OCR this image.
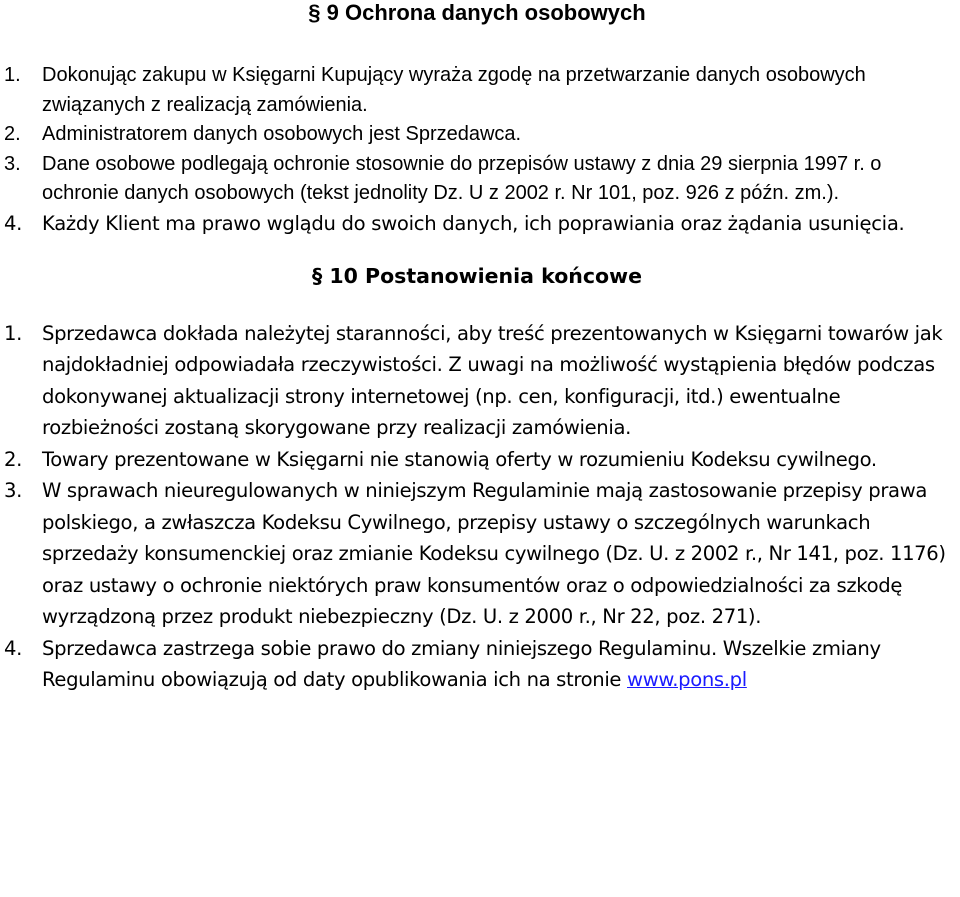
§ 9 Ochrona danych osobowych
1. Dokonując zakupu w Księgarni Kupujący wyraża zgodę na przetwarzanie danych osobowych związanych z realizacją zamówienia.
2. Administratorem danych osobowych jest Sprzedawca.
3. Dane osobowe podlegają ochronie stosownie do przepisów ustawy z dnia 29 sierpnia 1997 r. o ochronie danych osobowych (tekst jednolity Dz. U z 2002 r. Nr 101, poz. 926 z późn. zm.).
4. Każdy Klient ma prawo wglądu do swoich danych, ich poprawiania oraz żądania usunięcia.
§ 10 Postanowienia końcowe
1. Sprzedawca dokłada należytej staranności, aby treść prezentowanych w Księgarni towarów jak najdokładniej odpowiadała rzeczywistości. Z uwagi na możliwość wystąpienia błędów podczas dokonywanej aktualizacji strony internetowej (np. cen, konfiguracji, itd.) ewentualne rozbieżności zostaną skorygowane przy realizacji zamówienia.
2. Towary prezentowane w Księgarni nie stanowią oferty w rozumieniu Kodeksu cywilnego.
3. W sprawach nieuregulowanych w niniejszym Regulaminie mają zastosowanie przepisy prawa polskiego, a zwłaszcza Kodeksu Cywilnego, przepisy ustawy o szczególnych warunkach sprzedaży konsumenckiej oraz zmianie Kodeksu cywilnego (Dz. U. z 2002 r., Nr 141, poz. 1176) oraz ustawy o ochronie niektórych praw konsumentów oraz o odpowiedzialności za szkodę wyrządzoną przez produkt niebezpieczny (Dz. U. z 2000 r., Nr 22, poz. 271).
4. Sprzedawca zastrzega sobie prawo do zmiany niniejszego Regulaminu. Wszelkie zmiany Regulaminu obowiązują od daty opublikowania ich na stronie www.pons.pl
